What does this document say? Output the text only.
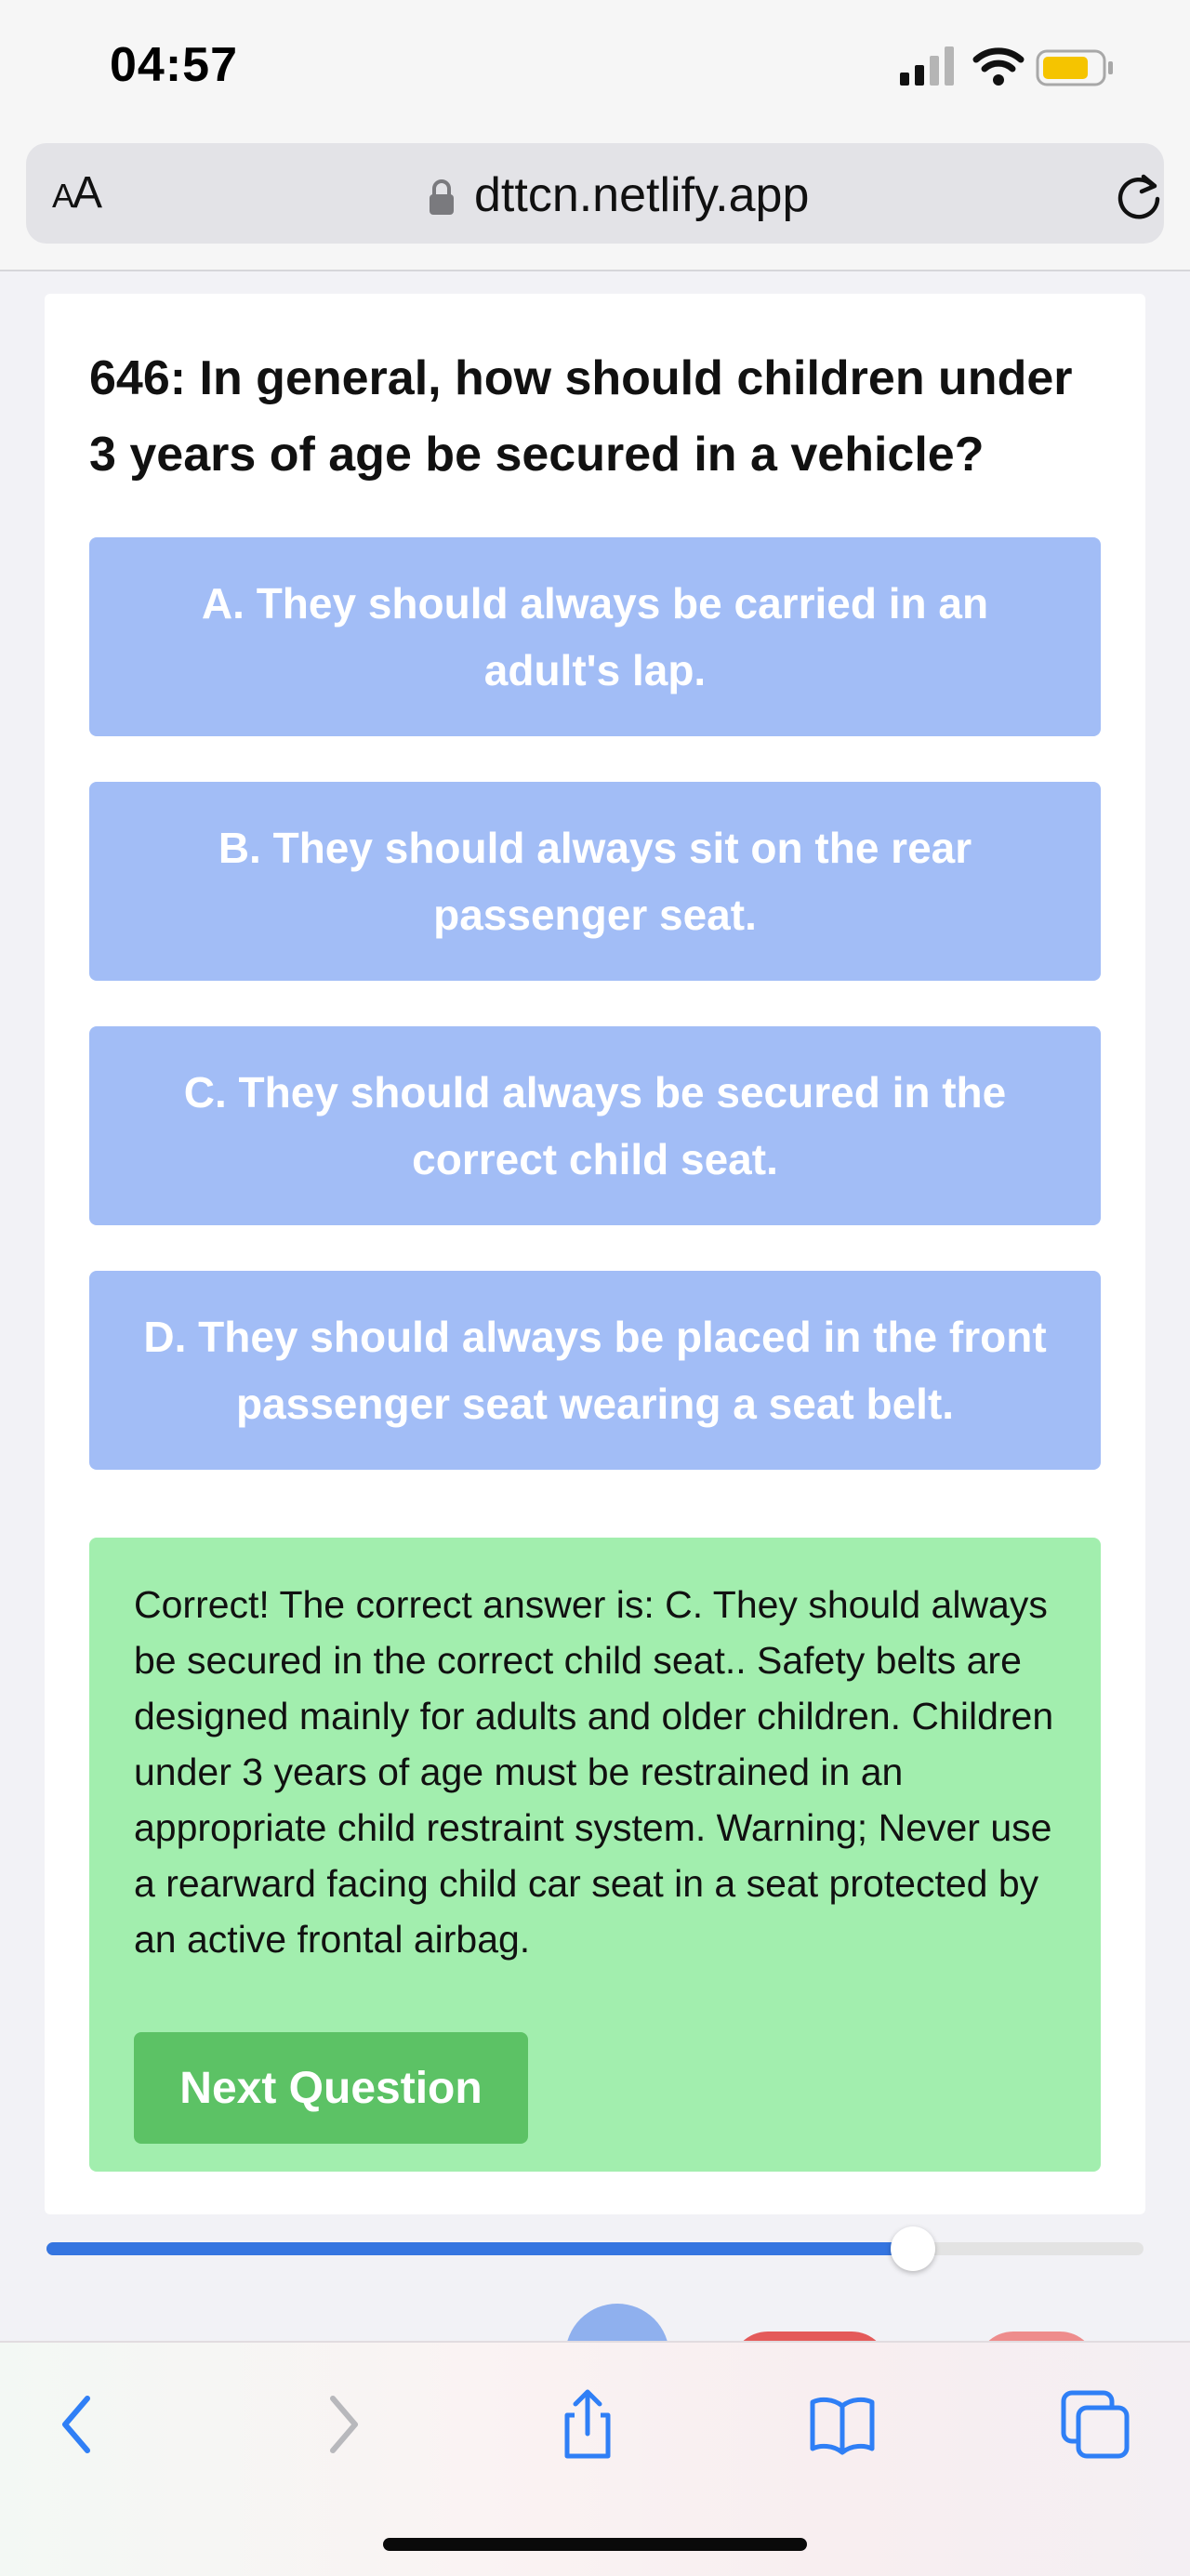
04:57
AA	dttcn.netlify.app
646: In general, how should children under 3 years of age be secured in a vehicle?
A. They should always be carried in an adult's lap.
B. They should always sit on the rear passenger seat.
C. They should always be secured in the correct child seat.
D. They should always be placed in the front passenger seat wearing a seat belt.
Correct! The correct answer is: C. They should always be secured in the correct child seat.. Safety belts are designed mainly for adults and older children. Children under 3 years of age must be restrained in an appropriate child restraint system. Warning; Never use a rearward facing child car seat in a seat protected by an active frontal airbag.
Next Question
